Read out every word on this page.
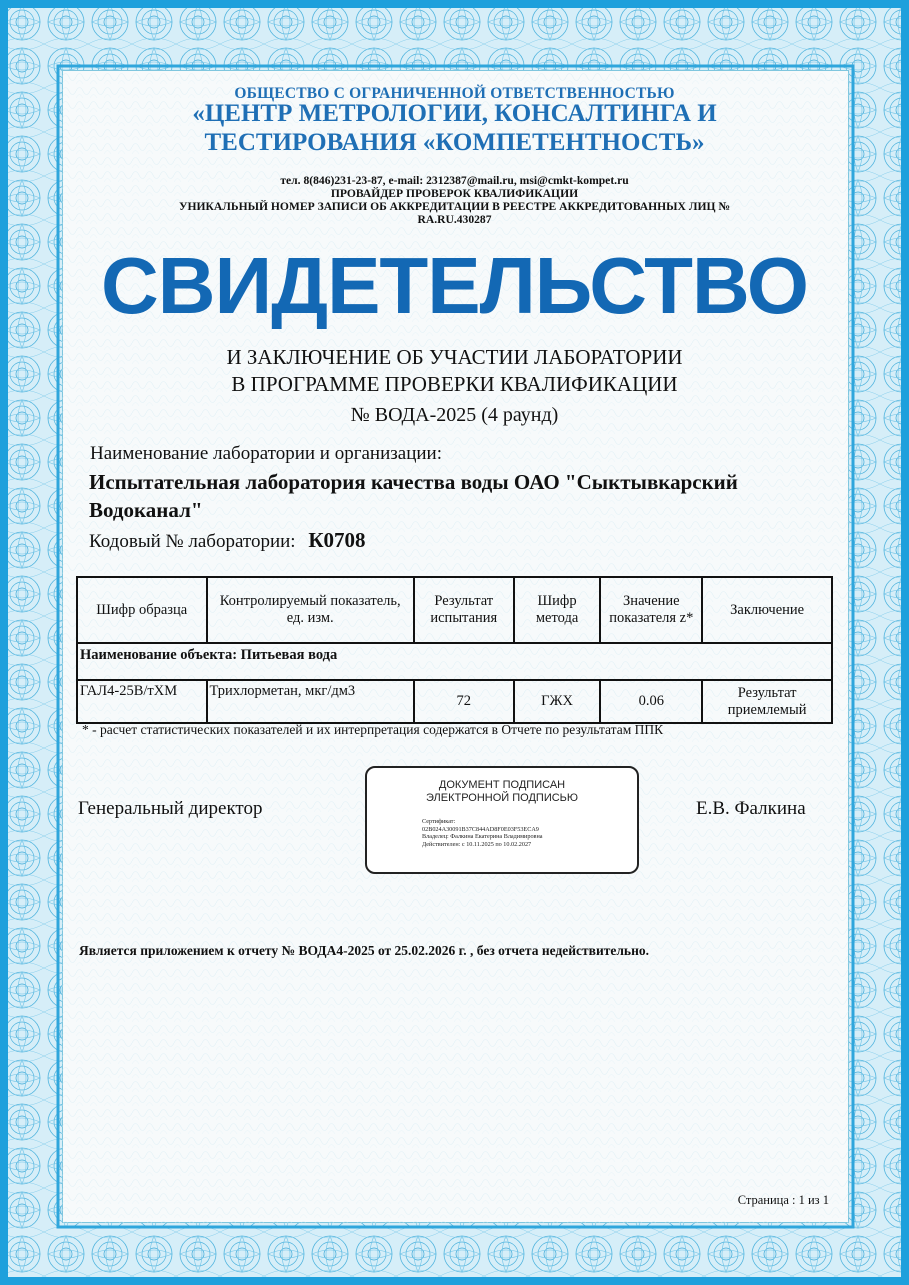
ОБЩЕСТВО С ОГРАНИЧЕННОЙ ОТВЕТСТВЕННОСТЬЮ
«ЦЕНТР МЕТРОЛОГИИ, КОНСАЛТИНГА И
ТЕСТИРОВАНИЯ «КОМПЕТЕНТНОСТЬ»
тел. 8(846)231-23-87, e-mail: 2312387@mail.ru, msi@cmkt-kompet.ru
ПРОВАЙДЕР ПРОВЕРОК КВАЛИФИКАЦИИ
УНИКАЛЬНЫЙ НОМЕР ЗАПИСИ ОБ АККРЕДИТАЦИИ В РЕЕСТРЕ АККРЕДИТОВАННЫХ ЛИЦ №
RA.RU.430287
СВИДЕТЕЛЬСТВО
И ЗАКЛЮЧЕНИЕ ОБ УЧАСТИИ ЛАБОРАТОРИИ
В ПРОГРАММЕ ПРОВЕРКИ КВАЛИФИКАЦИИ
№ ВОДА-2025 (4 раунд)
Наименование лаборатории и организации:
Испытательная лаборатория качества воды ОАО "Сыктывкарский Водоканал"
Кодовый № лаборатории: К0708
Шифр образца	Контролируемый показатель, ед. изм.	Результат испытания	Шифр метода	Значение показателя z*	Заключение
Наименование объекта: Питьевая вода					
ГАЛ4-25В/тХМ	Трихлорметан, мкг/дм3	72	ГЖХ	0.06	Результат приемлемый
* - расчет статистических показателей и их интерпретация содержатся в Отчете по результатам ППК
Генеральный директор
ДОКУМЕНТ ПОДПИСАН
ЭЛЕКТРОННОЙ ПОДПИСЬЮ
Сертификат:
02B024A30091B37C844AD8F0E03F53ECA9
Владелец: Фалкина Екатерина Владимировна
Действителен: с 10.11.2025 по 10.02.2027
Е.В. Фалкина
Является приложением к отчету № ВОДА4-2025 от 25.02.2026 г. , без отчета недействительно.
Страница : 1 из 1
